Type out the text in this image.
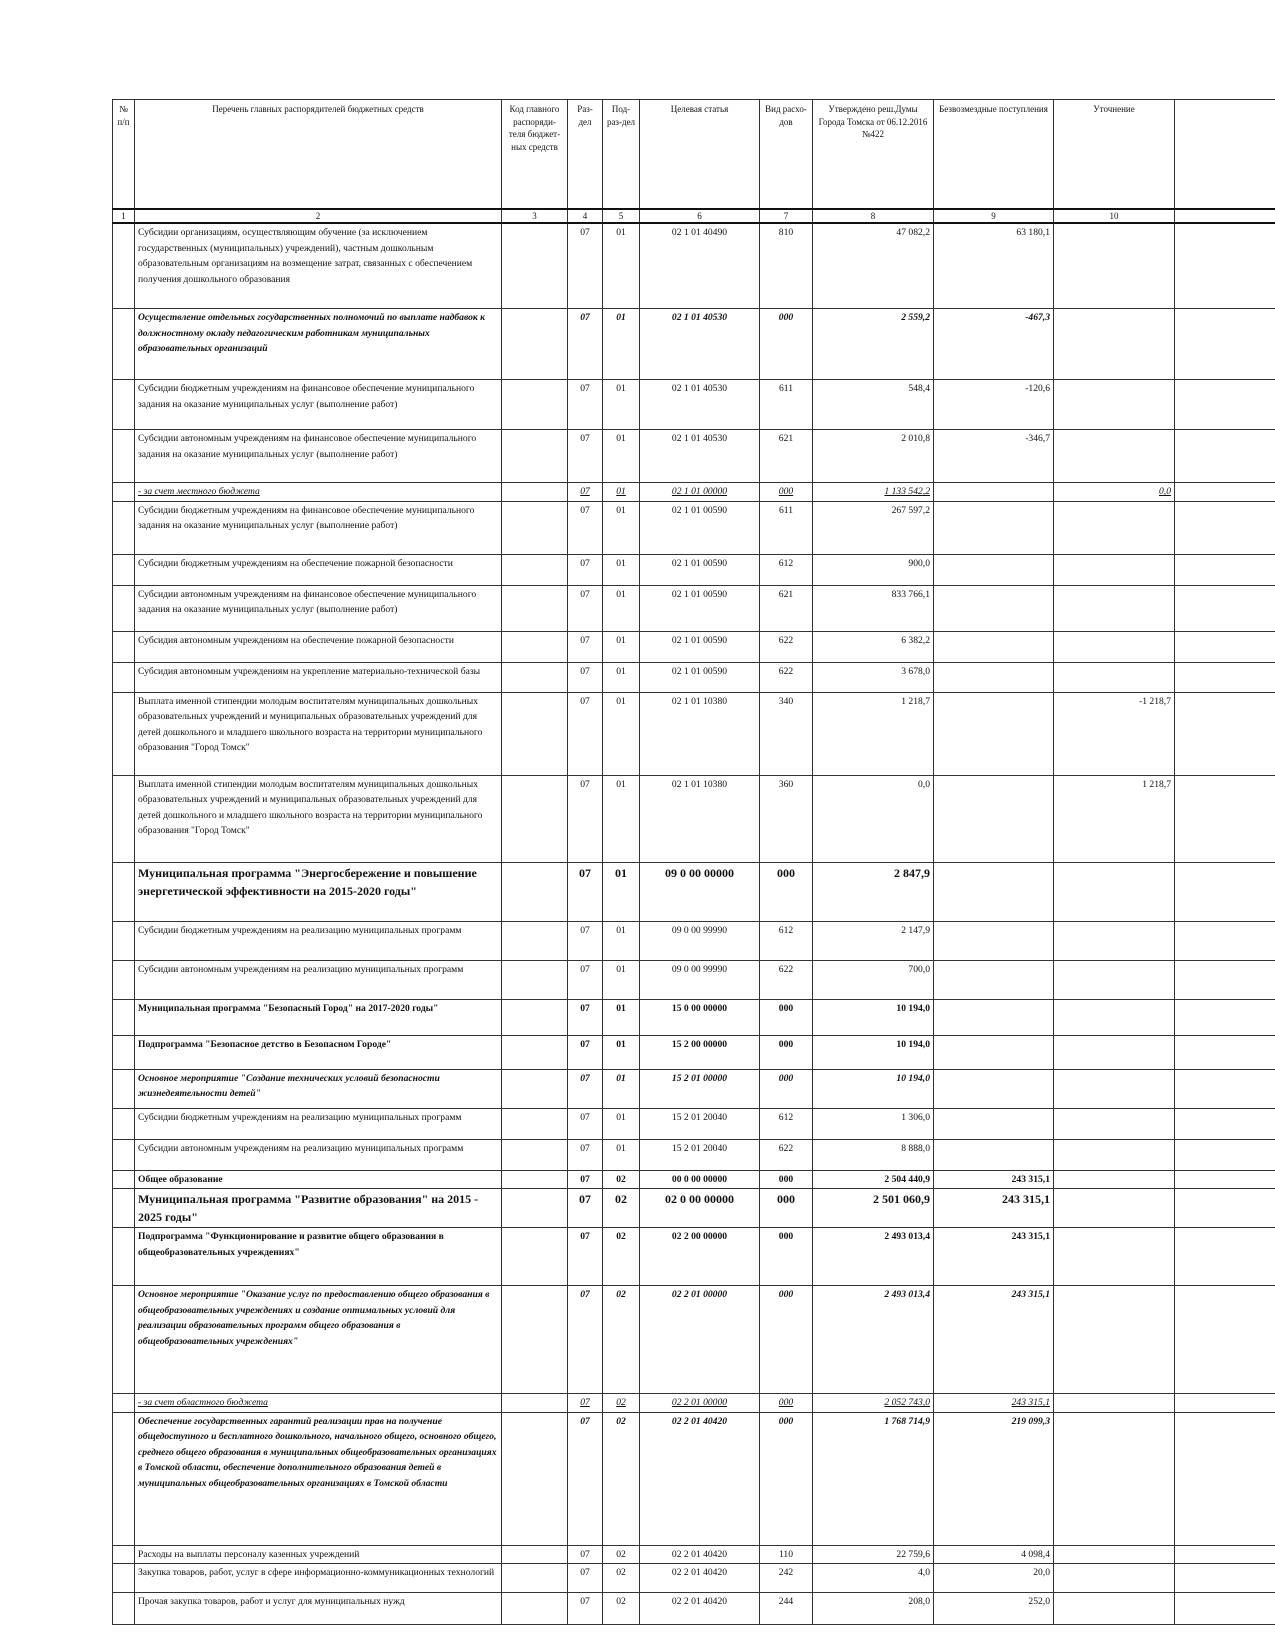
№ п/п	Перечень главных распорядителей бюджетных средств	Код главного распоряди-теля бюджет-ных средств	Раз-дел	Под-раз-дел	Целевая статья	Вид расхо-дов	Утверждено реш.Думы Города Томска от 06.12.2016 №422	Безвозмездные поступления	Уточнение	
1	2	3	4	5	6	7	8	9	10	
	Субсидии организациям, осуществляющим обучение (за исключением государственных (муниципальных) учреждений), частным дошкольным образовательным организациям на возмещение затрат, связанных с обеспечением получения дошкольного образования		07	01	02 1 01 40490	810	47 082,2	63 180,1		
	Осуществление отдельных государственных полномочий по выплате надбавок к должностному окладу педагогическим работникам муниципальных образовательных организаций		07	01	02 1 01 40530	000	2 559,2	-467,3		
	Субсидии бюджетным учреждениям на финансовое обеспечение муниципального задания на оказание муниципальных услуг (выполнение работ)		07	01	02 1 01 40530	611	548,4	-120,6		
	Субсидии автономным учреждениям на финансовое обеспечение муниципального задания на оказание муниципальных услуг (выполнение работ)		07	01	02 1 01 40530	621	2 010,8	-346,7		
	- за счет местного бюджета		07	01	02 1 01 00000	000	1 133 542,2		0,0	
	Субсидии бюджетным учреждениям на финансовое обеспечение муниципального задания на оказание муниципальных услуг (выполнение работ)		07	01	02 1 01 00590	611	267 597,2			
	Субсидии бюджетным учреждениям на обеспечение пожарной безопасности		07	01	02 1 01 00590	612	900,0			
	Субсидии автономным учреждениям на финансовое обеспечение муниципального задания на оказание муниципальных услуг (выполнение работ)		07	01	02 1 01 00590	621	833 766,1			
	Субсидия автономным учреждениям на обеспечение пожарной безопасности		07	01	02 1 01 00590	622	6 382,2			
	Субсидия автономным учреждениям на укрепление материально-технической базы		07	01	02 1 01 00590	622	3 678,0			
	Выплата именной стипендии молодым воспитателям муниципальных дошкольных образовательных учреждений и муниципальных образовательных учреждений для детей дошкольного и младшего школьного возраста на территории муниципального образования "Город Томск"		07	01	02 1 01 10380	340	1 218,7		-1 218,7	
	Выплата именной стипендии молодым воспитателям муниципальных дошкольных образовательных учреждений и муниципальных образовательных учреждений для детей дошкольного и младшего школьного возраста на территории муниципального образования "Город Томск"		07	01	02 1 01 10380	360	0,0		1 218,7	
	Муниципальная программа "Энергосбережение и повышение энергетической эффективности на 2015-2020 годы"		07	01	09 0 00 00000	000	2 847,9			
	Субсидии бюджетным учреждениям на реализацию муниципальных программ		07	01	09 0 00 99990	612	2 147,9			
	Субсидии автономным учреждениям на реализацию муниципальных программ		07	01	09 0 00 99990	622	700,0			
	Муниципальная программа "Безопасный Город" на 2017-2020 годы"		07	01	15 0 00 00000	000	10 194,0			
	Подпрограмма "Безопасное детство в Безопасном Городе"		07	01	15 2 00 00000	000	10 194,0			
	Основное мероприятие "Создание технических условий безопасности жизнедеятельности детей"		07	01	15 2 01 00000	000	10 194,0			
	Субсидии бюджетным учреждениям на реализацию муниципальных программ		07	01	15 2 01 20040	612	1 306,0			
	Субсидии автономным учреждениям на реализацию муниципальных программ		07	01	15 2 01 20040	622	8 888,0			
	Общее образование		07	02	00 0 00 00000	000	2 504 440,9	243 315,1		
	Муниципальная программа "Развитие образования" на 2015 - 2025 годы"		07	02	02 0 00 00000	000	2 501 060,9	243 315,1		
	Подпрограмма "Функционирование и развитие общего образования в общеобразовательных учреждениях"		07	02	02 2 00 00000	000	2 493 013,4	243 315,1		
	Основное мероприятие "Оказание услуг по предоставлению общего образования в общеобразовательных учреждениях и создание оптимальных условий для реализации образовательных программ общего образования в общеобразовательных учреждениях"		07	02	02 2 01 00000	000	2 493 013,4	243 315,1		
	- за счет областного бюджета		07	02	02 2 01 00000	000	2 052 743,0	243 315,1		
	Обеспечение государственных гарантий реализации прав на получение общедоступного и бесплатного дошкольного, начального общего, основного общего, среднего общего образования в муниципальных общеобразовательных организациях в Томской области, обеспечение дополнительного образования детей в муниципальных общеобразовательных организациях в Томской области		07	02	02 2 01 40420	000	1 768 714,9	219 099,3		
	Расходы на выплаты персоналу казенных учреждений		07	02	02 2 01 40420	110	22 759,6	4 098,4		
	Закупка товаров, работ, услуг в сфере информационно-коммуникационных технологий		07	02	02 2 01 40420	242	4,0	20,0		
	Прочая закупка товаров, работ и услуг для муниципальных нужд		07	02	02 2 01 40420	244	208,0	252,0		
